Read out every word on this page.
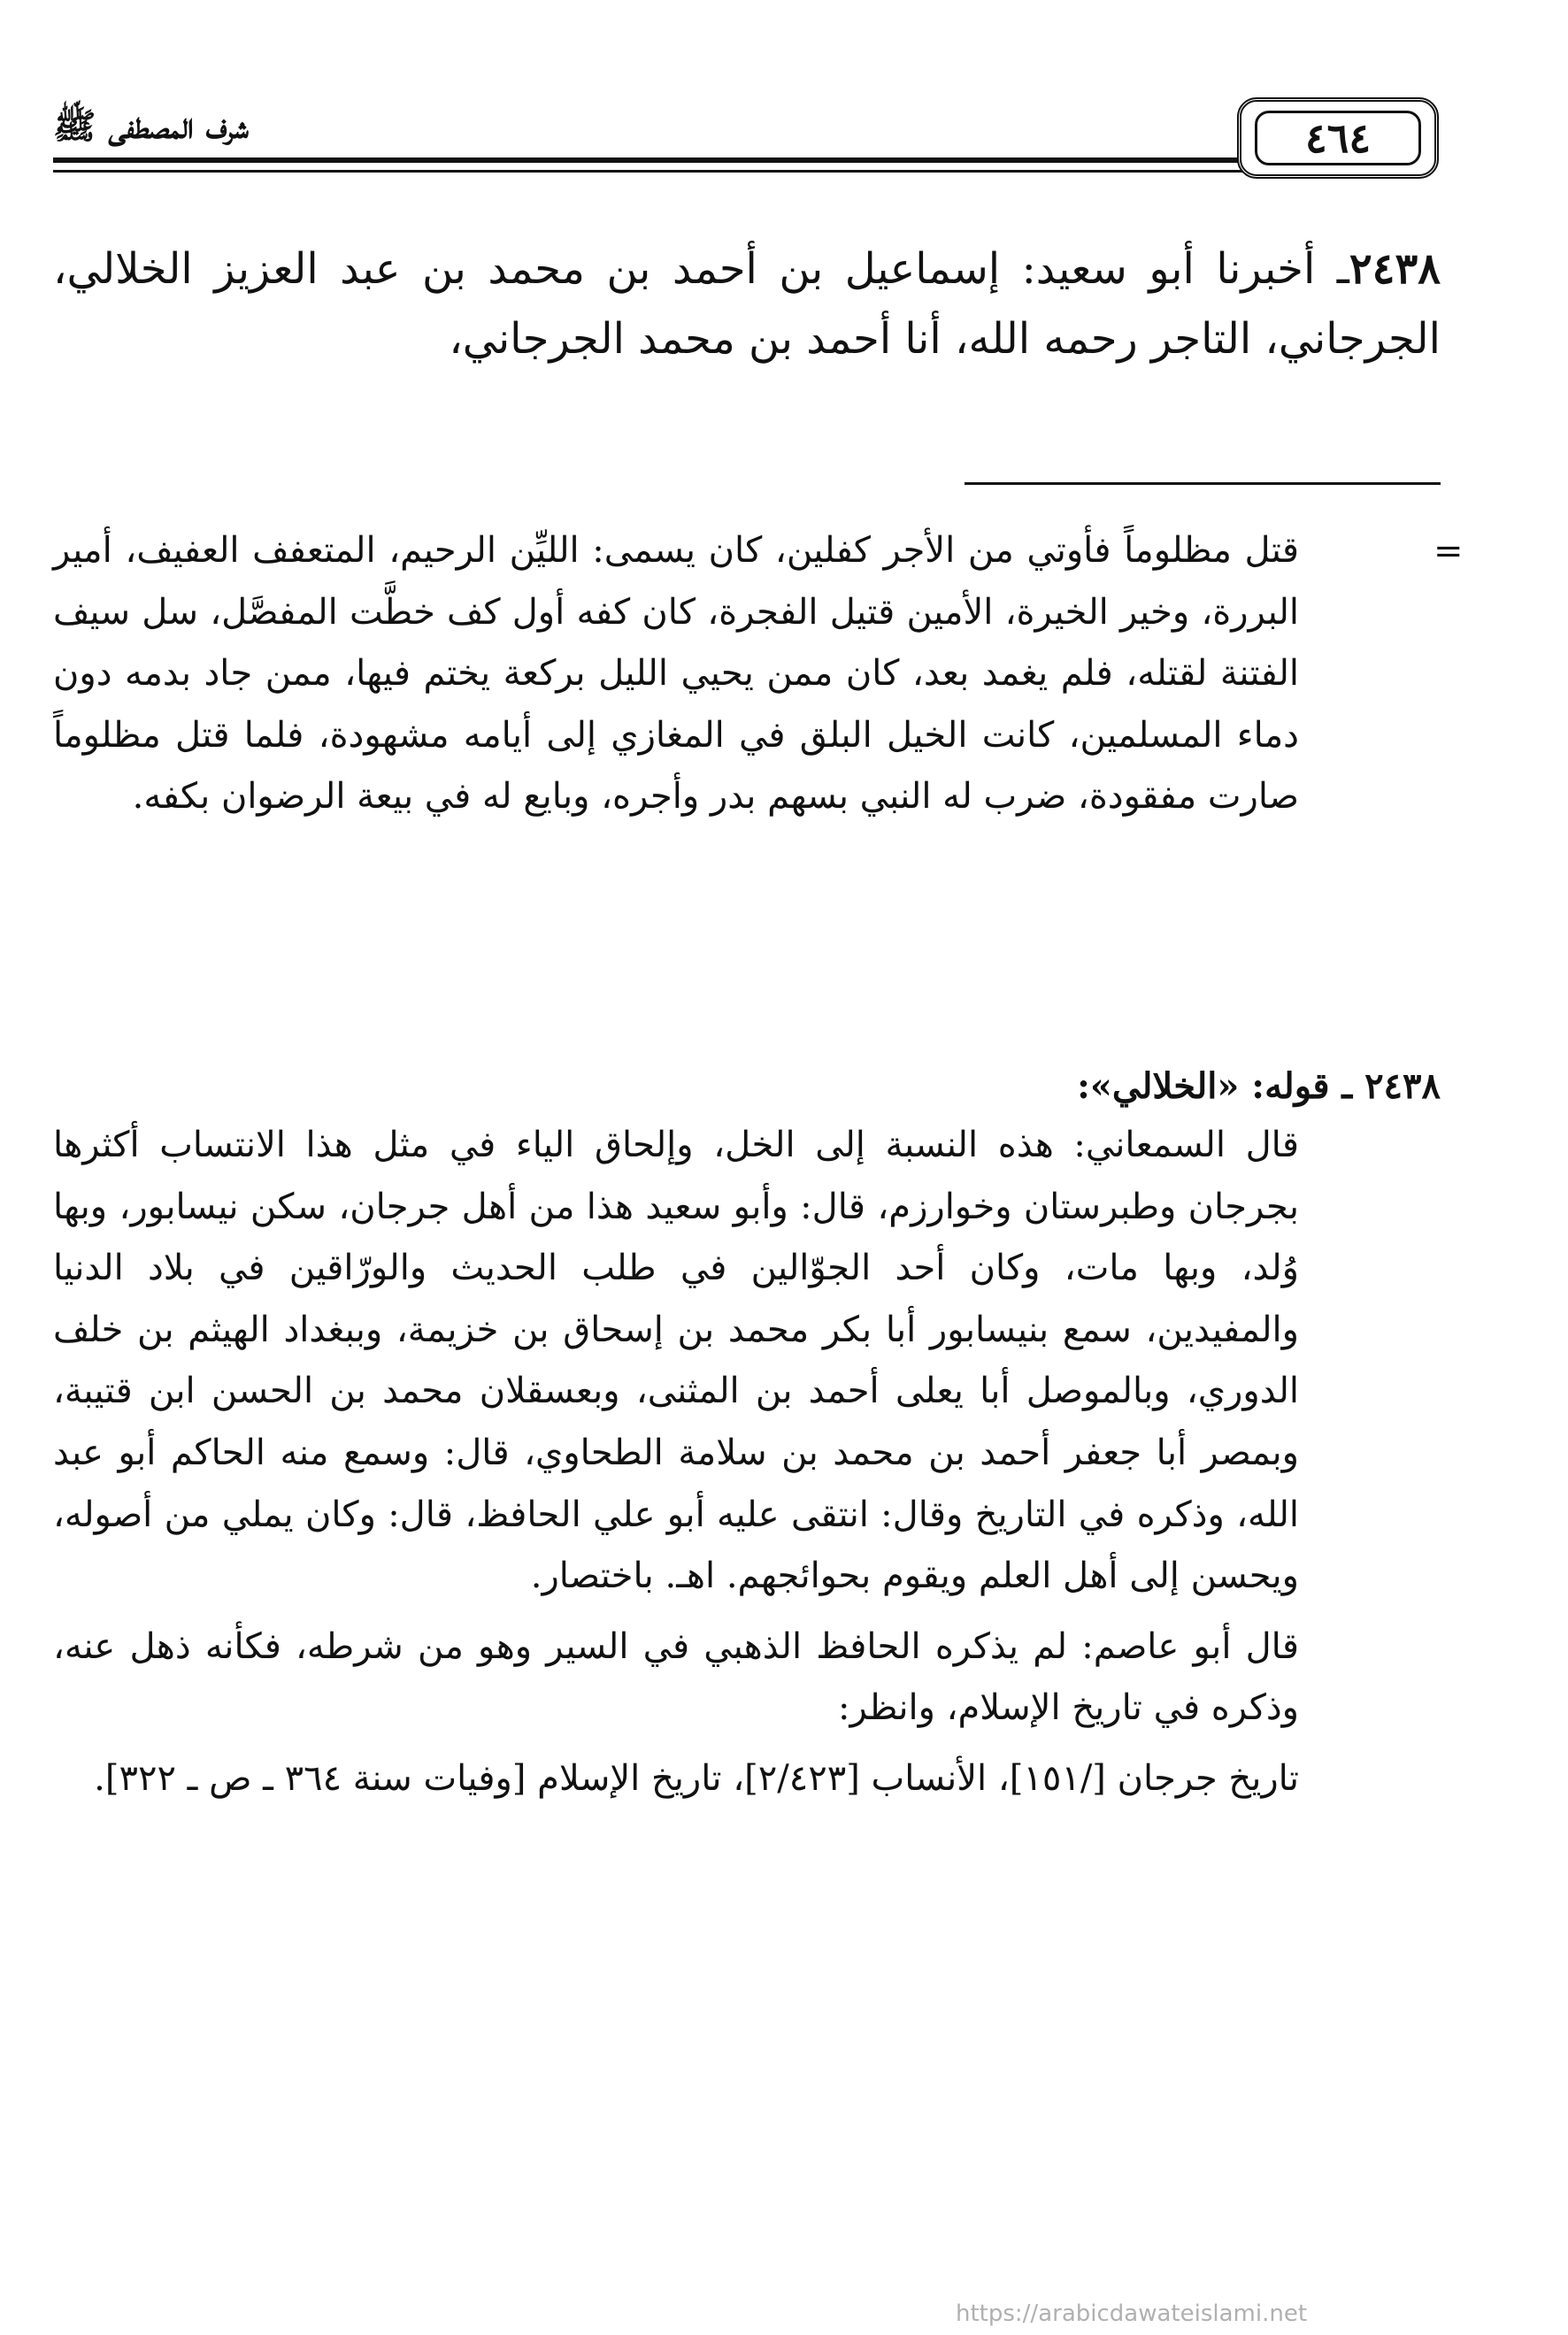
شرف المصطفى ﷺ	٤٦٤
٢٤٣٨ـ أخبرنا أبو سعيد: إسماعيل بن أحمد بن محمد بن عبد العزيز الخلالي، الجرجاني، التاجر رحمه الله، أنا أحمد بن محمد الجرجاني،
=
قتل مظلوماً فأوتي من الأجر كفلين، كان يسمى: الليِّن الرحيم، المتعفف العفيف، أمير البررة، وخير الخيرة، الأمين قتيل الفجرة، كان كفه أول كف خطَّت المفصَّل، سل سيف الفتنة لقتله، فلم يغمد بعد، كان ممن يحيي الليل بركعة يختم فيها، ممن جاد بدمه دون دماء المسلمين، كانت الخيل البلق في المغازي إلى أيامه مشهودة، فلما قتل مظلوماً صارت مفقودة، ضرب له النبي بسهم بدر وأجره، وبايع له في بيعة الرضوان بكفه.
٢٤٣٨ ـ قوله: «الخلالي»:

قال السمعاني: هذه النسبة إلى الخل، وإلحاق الياء في مثل هذا الانتساب أكثرها بجرجان وطبرستان وخوارزم، قال: وأبو سعيد هذا من أهل جرجان، سكن نيسابور، وبها وُلد، وبها مات، وكان أحد الجوّالين في طلب الحديث والورّاقين في بلاد الدنيا والمفيدين، سمع بنيسابور أبا بكر محمد بن إسحاق بن خزيمة، وببغداد الهيثم بن خلف الدوري، وبالموصل أبا يعلى أحمد بن المثنى، وبعسقلان محمد بن الحسن ابن قتيبة، وبمصر أبا جعفر أحمد بن محمد بن سلامة الطحاوي، قال: وسمع منه الحاكم أبو عبد الله، وذكره في التاريخ وقال: انتقى عليه أبو علي الحافظ، قال: وكان يملي من أصوله، ويحسن إلى أهل العلم ويقوم بحوائجهم. اهـ. باختصار.

قال أبو عاصم: لم يذكره الحافظ الذهبي في السير وهو من شرطه، فكأنه ذهل عنه، وذكره في تاريخ الإسلام، وانظر:

تاريخ جرجان [/١٥١]، الأنساب [٢/٤٢٣]، تاريخ الإسلام [وفيات سنة ٣٦٤ ـ ص ـ ٣٢٢].

https://arabicdawateislami.net
